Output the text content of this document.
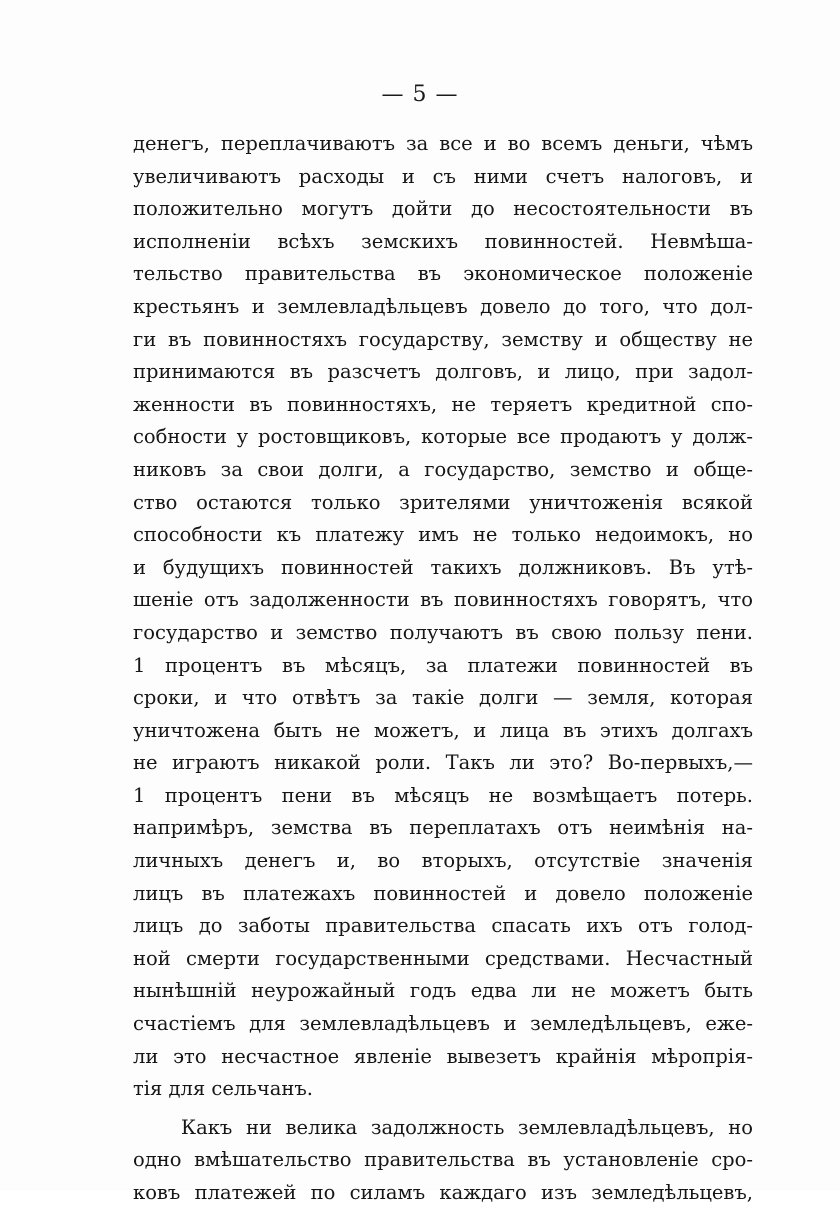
— 5 —
денегъ, переплачиваютъ за все и во всемъ деньги, чѣмъ
увеличиваютъ расходы и съ ними счетъ налоговъ, и
положительно могутъ дойти до несостоятельности въ
исполненіи всѣхъ земскихъ повинностей. Невмѣша-
тельство правительства въ экономическое положеніе
крестьянъ и землевладѣльцевъ довело до того, что дол-
ги въ повинностяхъ государству, земству и обществу не
принимаются въ разсчетъ долговъ, и лицо, при задол-
женности въ повинностяхъ, не теряетъ кредитной спо-
собности у ростовщиковъ, которые все продаютъ у долж-
никовъ за свои долги, а государство, земство и обще-
ство остаются только зрителями уничтоженія всякой
способности къ платежу имъ не только недоимокъ, но
и будущихъ повинностей такихъ должниковъ. Въ утѣ-
шеніе отъ задолженности въ повинностяхъ говорятъ, что
государство и земство получаютъ въ свою пользу пени.
1 процентъ въ мѣсяцъ, за платежи повинностей въ
сроки, и что отвѣтъ за такіе долги — земля, которая
уничтожена быть не можетъ, и лица въ этихъ долгахъ
не играютъ никакой роли. Такъ ли это? Во-первыхъ,—
1 процентъ пени въ мѣсяцъ не возмѣщаетъ потерь.
напримѣръ, земства въ переплатахъ отъ неимѣнія на-
личныхъ денегъ и, во вторыхъ, отсутствіе значенія
лицъ въ платежахъ повинностей и довело положеніе
лицъ до заботы правительства спасать ихъ отъ голод-
ной смерти государственными средствами. Несчастный
нынѣшній неурожайный годъ едва ли не можетъ быть
счастіемъ для землевладѣльцевъ и земледѣльцевъ, еже-
ли это несчастное явленіе вывезетъ крайнія мѣропрія-
тія для сельчанъ.
Какъ ни велика задолжность землевладѣльцевъ, но
одно вмѣшательство правительства въ установленіе сро-
ковъ платежей по силамъ каждаго изъ земледѣльцевъ,
